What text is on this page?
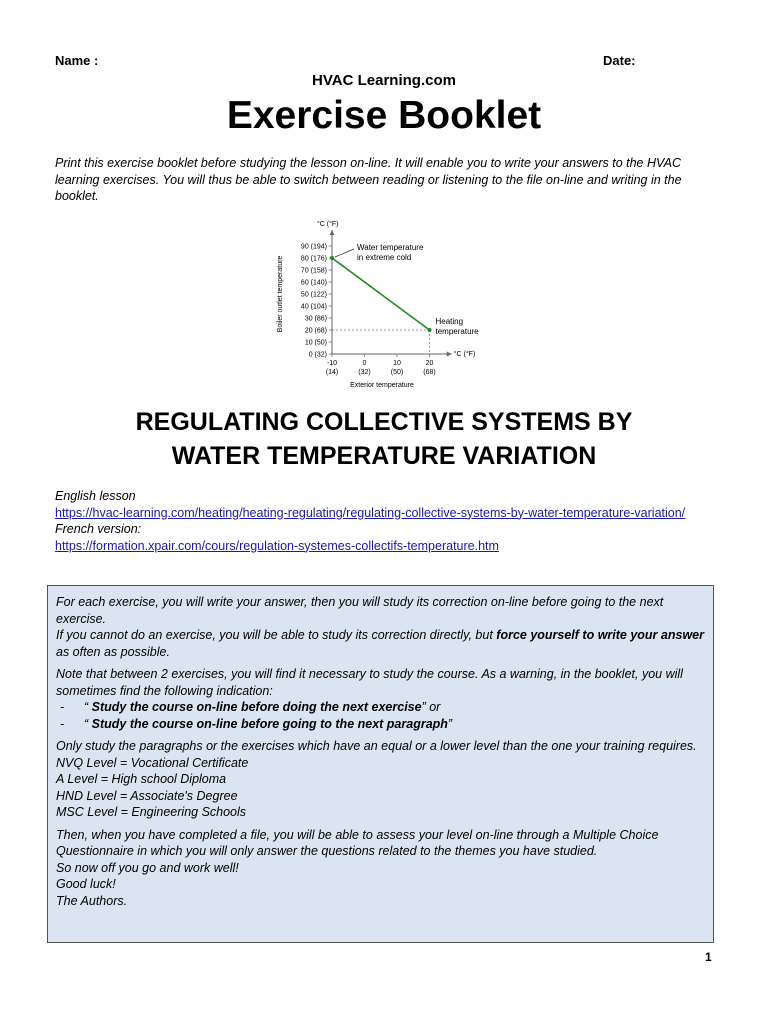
Name :	Date:
HVAC Learning.com
Exercise Booklet
Print this exercise booklet before studying the lesson on-line. It will enable you to write your answers to the HVAC learning exercises. You will thus be able to switch between reading or listening to the file on-line and writing in the booklet.
°C (°F)
°C (°F)
0 (32)
10 (50)
20 (68)
30 (86)
40 (104)
50 (122)
60 (140)
70 (158)
80 (176)
90 (194)
-10
(14)
0
(32)
10
(50)
20
(68)
Exterior temperature
Boiler outlet temperature
Water temperature
in extreme cold
Heating
temperature
REGULATING COLLECTIVE SYSTEMS BY
WATER TEMPERATURE VARIATION
English lesson
https://hvac-learning.com/heating/heating-regulating/regulating-collective-systems-by-water-temperature-variation/
French version:
https://formation.xpair.com/cours/regulation-systemes-collectifs-temperature.htm

For each exercise, you will write your answer, then you will study its correction on-line before going to the next exercise.
If you cannot do an exercise, you will be able to study its correction directly, but force yourself to write your answer as often as possible.

Note that between 2 exercises, you will find it necessary to study the course. As a warning, in the booklet, you will sometimes find the following indication:

-	“ Study the course on-line before doing the next exercise” or
-	“ Study the course on-line before going to the next paragraph”

Only study the paragraphs or the exercises which have an equal or a lower level than the one your training requires.
NVQ Level = Vocational Certificate
A Level = High school Diploma
HND Level = Associate's Degree
MSC Level = Engineering Schools

Then, when you have completed a file, you will be able to assess your level on-line through a Multiple Choice Questionnaire in which you will only answer the questions related to the themes you have studied.
So now off you go and work well!
Good luck!
The Authors.

1
